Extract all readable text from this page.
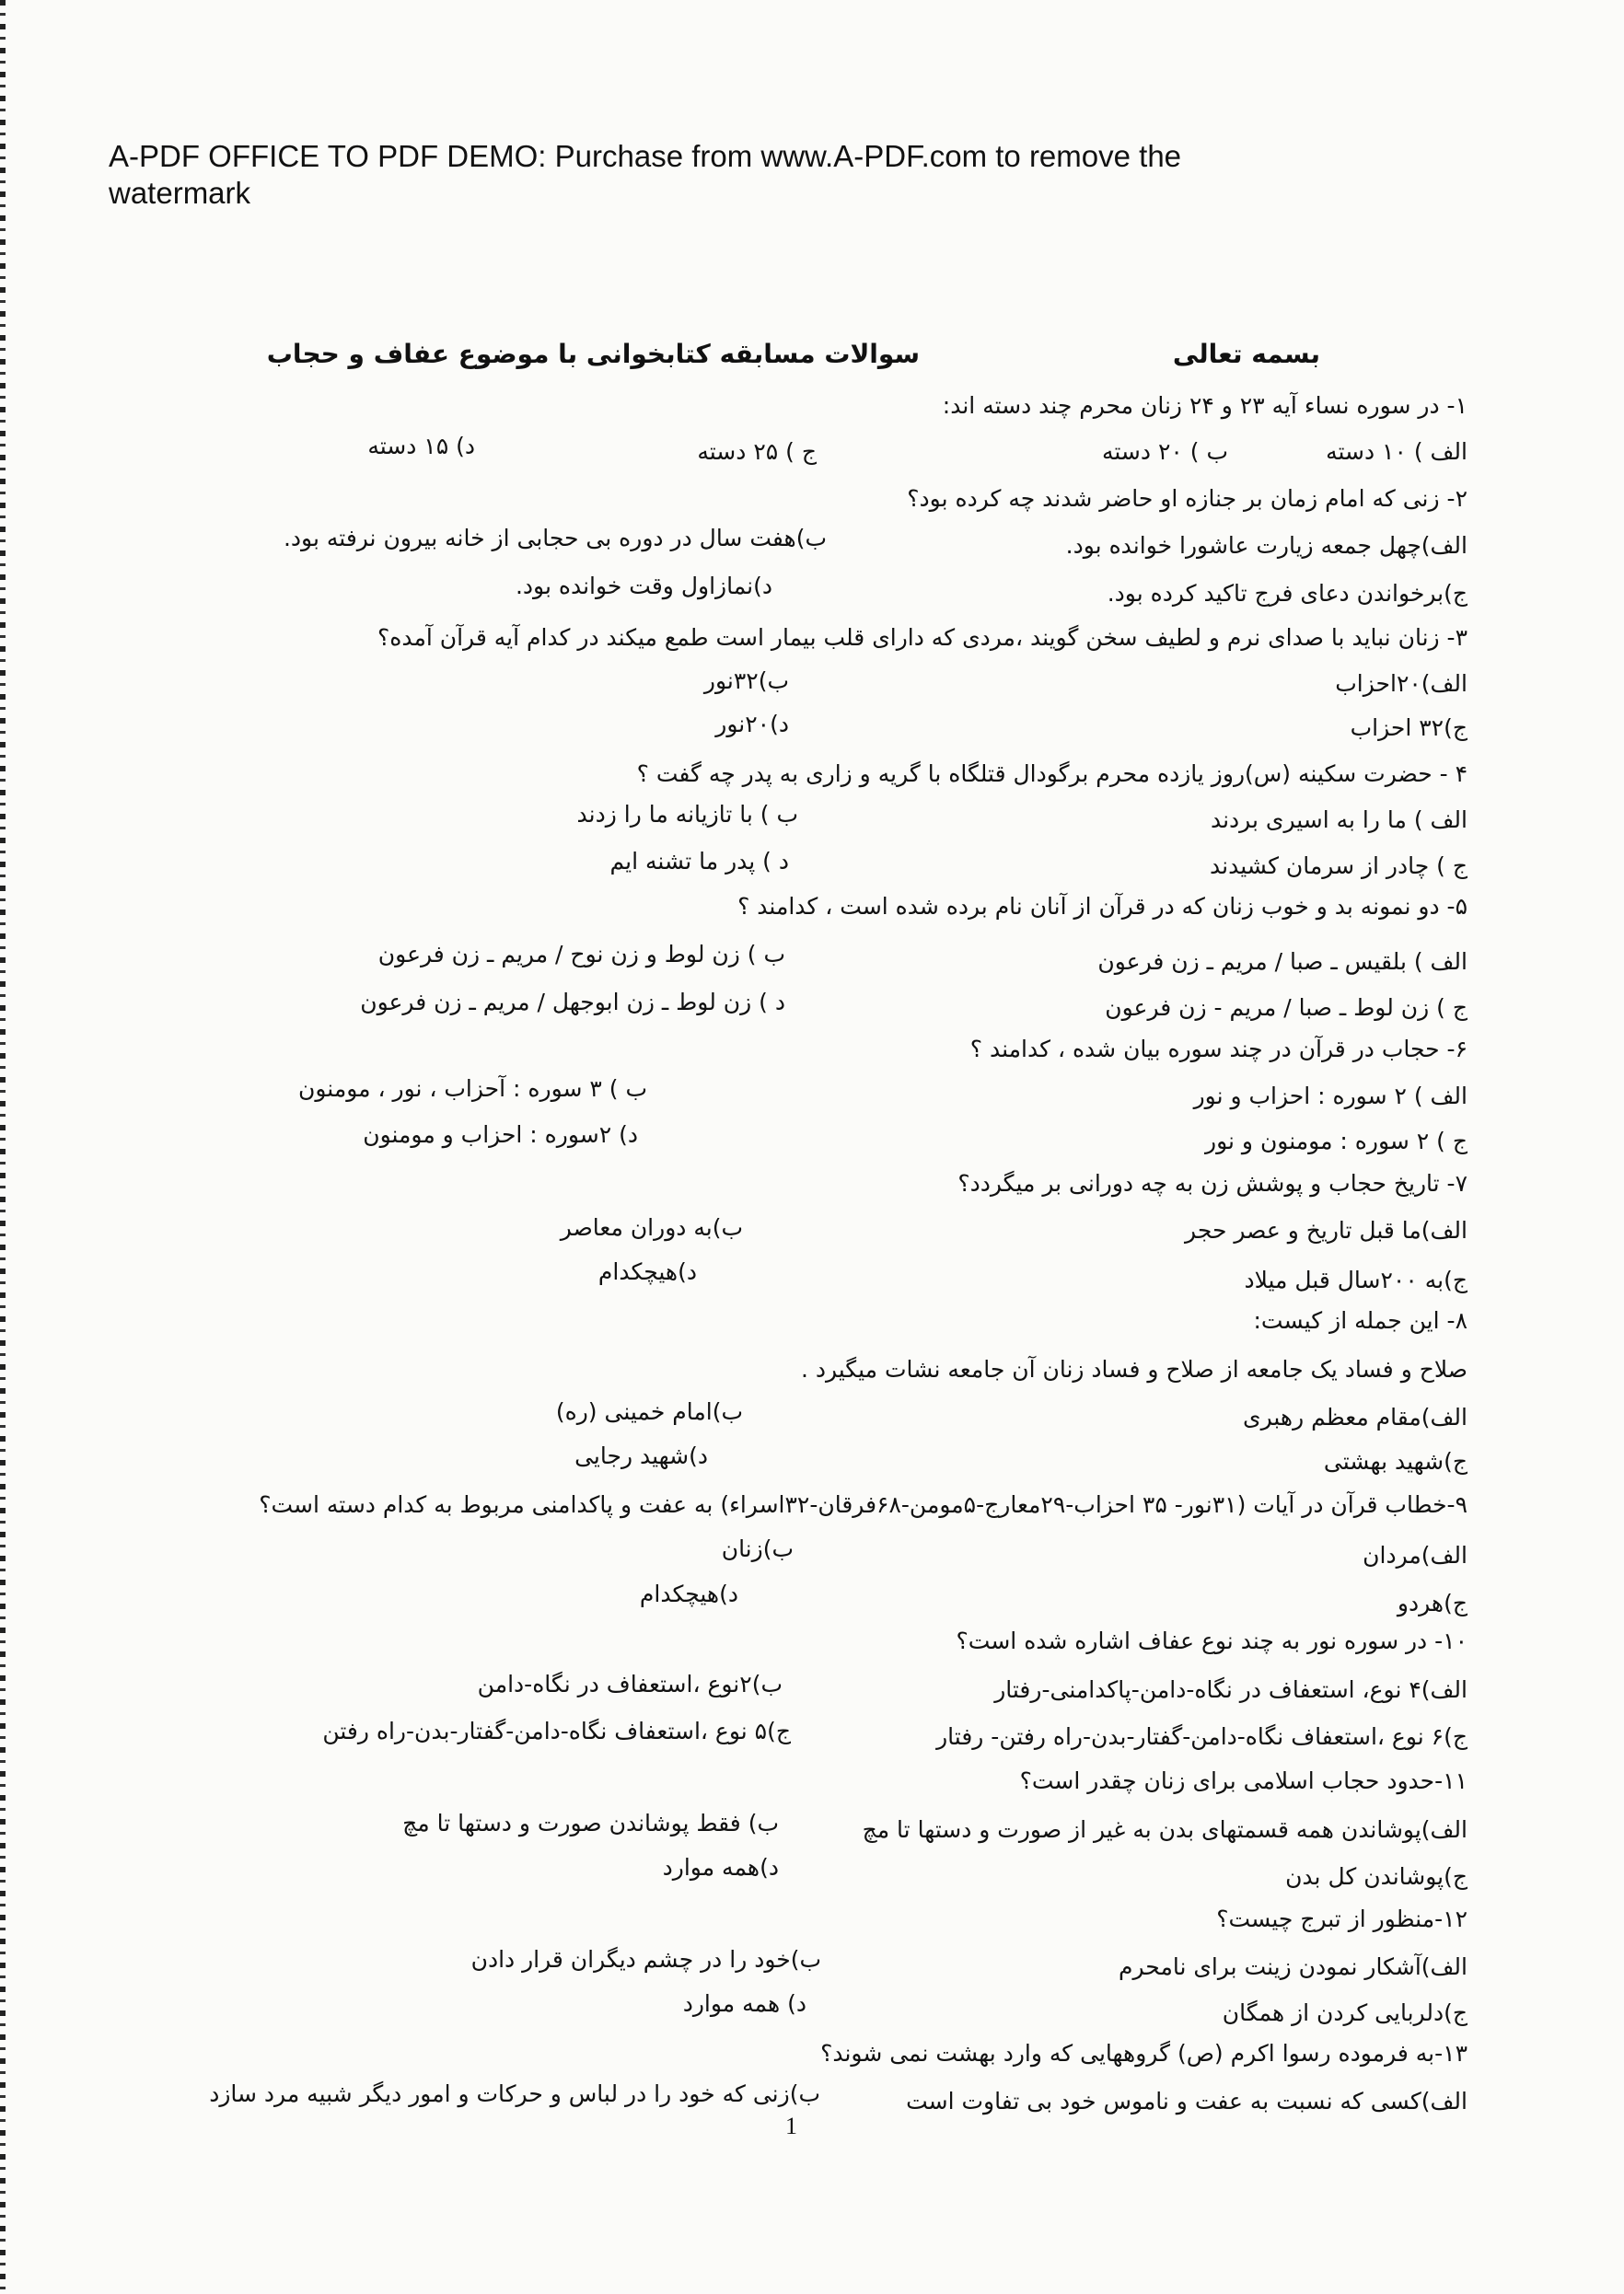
A-PDF OFFICE TO PDF DEMO: Purchase from www.A-PDF.com to remove the watermark
بسمه تعالی
سوالات مسابقه کتابخوانی با موضوع عفاف و حجاب
۱- در سوره نساء آیه ۲۳ و ۲۴ زنان محرم چند دسته اند:
الف ) ۱۰ دسته
ب ) ۲۰ دسته
ج ) ۲۵ دسته
د) ۱۵ دسته
۲- زنی که امام زمان بر جنازه او حاضر شدند چه کرده بود؟
الف)چهل جمعه زیارت عاشورا خوانده بود.
ب)هفت سال در دوره بی حجابی از خانه بیرون نرفته بود.
ج)برخواندن دعای فرج تاکید کرده بود.
د)نمازاول وقت خوانده بود.
۳- زنان نباید با صدای نرم و لطیف سخن گویند ،مردی که دارای قلب بیمار است طمع میکند در کدام آیه قرآن آمده؟
الف)۲۰احزاب
ب)۳۲نور
ج)۳۲ احزاب
د)۲۰نور
۴ - حضرت سکینه (س)روز یازده محرم برگودال قتلگاه با گریه و زاری به پدر چه گفت ؟
الف ) ما را به اسیری بردند
ب ) با تازیانه ما را زدند
ج ) چادر از سرمان کشیدند
د ) پدر ما تشنه ایم
۵- دو نمونه بد و خوب زنان که در قرآن از آنان نام برده شده است ، کدامند ؟
الف ) بلقیس ـ صبا / مریم ـ زن فرعون
ب ) زن لوط و زن نوح / مریم ـ زن فرعون
ج ) زن لوط ـ صبا / مریم - زن فرعون
د ) زن لوط ـ زن ابوجهل / مریم ـ زن فرعون
۶- حجاب در قرآن در چند سوره بیان شده ، کدامند ؟
الف ) ۲ سوره : احزاب و نور
ب ) ۳ سوره : آحزاب ، نور ، مومنون
ج ) ۲ سوره : مومنون و نور
د) ۲سوره : احزاب و مومنون
۷- تاریخ حجاب و پوشش زن به چه دورانی بر میگردد؟
الف)ما قبل تاریخ و عصر حجر
ب)به دوران معاصر
ج)به ۲۰۰سال قبل میلاد
د)هیچکدام
۸- این جمله از کیست:
صلاح و فساد یک جامعه از صلاح و فساد زنان آن جامعه نشات میگیرد .
الف)مقام معظم رهبری
ب)امام خمینی (ره)
ج)شهید بهشتی
د)شهید رجایی
۹-خطاب قرآن در آیات (۳۱نور- ۳۵ احزاب-۲۹معارج-۵مومن-۶۸فرقان-۳۲اسراء) به عفت و پاکدامنی مربوط به کدام دسته است؟
الف)مردان
ب)زنان
ج)هردو
د)هیچکدام
۱۰- در سوره نور به چند نوع عفاف اشاره شده است؟
الف)۴ نوع، استعفاف در نگاه-دامن-پاکدامنی-رفتار
ب)۲نوع ،استعفاف در نگاه-دامن
ج)۶ نوع ،استعفاف نگاه-دامن-گفتار-بدن-راه رفتن- رفتار
ج)۵ نوع ،استعفاف نگاه-دامن-گفتار-بدن-راه رفتن
۱۱-حدود حجاب اسلامی برای زنان چقدر است؟
الف)پوشاندن همه قسمتهای بدن به غیر از صورت و دستها تا مچ
ب) فقط پوشاندن صورت و دستها تا مچ
ج)پوشاندن کل بدن
د)همه موارد
۱۲-منظور از تبرج چیست؟
الف)آشکار نمودن زینت برای نامحرم
ب)خود را در چشم دیگران قرار دادن
ج)دلربایی کردن از همگان
د) همه موارد
۱۳-به فرموده رسوا اکرم (ص) گروههایی که وارد بهشت نمی شوند؟
الف)کسی که نسبت به عفت و ناموس خود بی تفاوت است
ب)زنی که خود را در لباس و حرکات و امور دیگر شبیه مرد سازد
1
